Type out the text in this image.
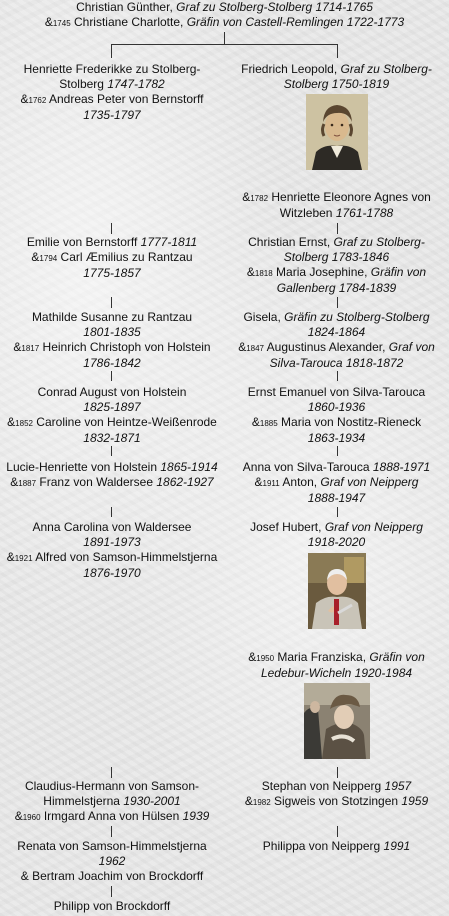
Christian Günther, Graf zu Stolberg-Stolberg 1714-1765
&1745 Christiane Charlotte, Gräfin von Castell-Remlingen 1722-1773
Henriette Frederikke zu Stolberg-
Stolberg 1747-1782
&1762 Andreas Peter von Bernstorff
1735-1797
Emilie von Bernstorff 1777-1811
&1794 Carl Æmilius zu Rantzau
1775-1857
Mathilde Susanne zu Rantzau
1801-1835
&1817 Heinrich Christoph von Holstein
1786-1842
Conrad August von Holstein
1825-1897
&1852 Caroline von Heintze-Weißenrode
1832-1871
Lucie-Henriette von Holstein 1865-1914
&1887 Franz von Waldersee 1862-1927
Anna Carolina von Waldersee
1891-1973
&1921 Alfred von Samson-Himmelstjerna
1876-1970
Claudius-Hermann von Samson-
Himmelstjerna 1930-2001
&1960 Irmgard Anna von Hülsen 1939
Renata von Samson-Himmelstjerna
1962
& Bertram Joachim von Brockdorff
Philipp von Brockdorff
Friedrich Leopold, Graf zu Stolberg-
Stolberg 1750-1819
&1782 Henriette Eleonore Agnes von
Witzleben 1761-1788
Christian Ernst, Graf zu Stolberg-
Stolberg 1783-1846
&1818 Maria Josephine, Gräfin von
Gallenberg 1784-1839
Gisela, Gräfin zu Stolberg-Stolberg
1824-1864
&1847 Augustinus Alexander, Graf von
Silva-Tarouca 1818-1872
Ernst Emanuel von Silva-Tarouca
1860-1936
&1885 Maria von Nostitz-Rieneck
1863-1934
Anna von Silva-Tarouca 1888-1971
&1911 Anton, Graf von Neipperg
1888-1947
Josef Hubert, Graf von Neipperg
1918-2020
&1950 Maria Franziska, Gräfin von
Ledebur-Wicheln 1920-1984
Stephan von Neipperg 1957
&1982 Sigweis von Stotzingen 1959
Philippa von Neipperg 1991
